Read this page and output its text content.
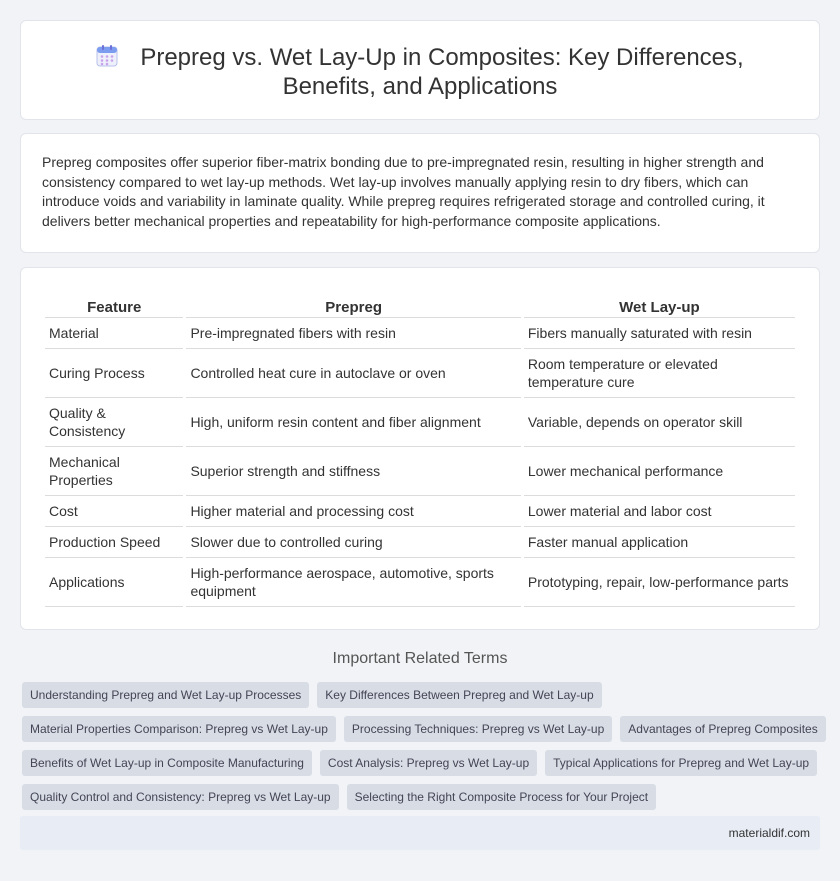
Prepreg vs. Wet Lay-Up in Composites: Key Differences, Benefits, and Applications

Prepreg composites offer superior fiber-matrix bonding due to pre-impregnated resin, resulting in higher strength and consistency compared to wet lay-up methods. Wet lay-up involves manually applying resin to dry fibers, which can introduce voids and variability in laminate quality. While prepreg requires refrigerated storage and controlled curing, it delivers better mechanical properties and repeatability for high-performance composite applications.

Feature	Prepreg	Wet Lay-up
Material	Pre-impregnated fibers with resin	Fibers manually saturated with resin
Curing Process	Controlled heat cure in autoclave or oven	Room temperature or elevated temperature cure
Quality & Consistency	High, uniform resin content and fiber alignment	Variable, depends on operator skill
Mechanical Properties	Superior strength and stiffness	Lower mechanical performance
Cost	Higher material and processing cost	Lower material and labor cost
Production Speed	Slower due to controlled curing	Faster manual application
Applications	High-performance aerospace, automotive, sports equipment	Prototyping, repair, low-performance parts
Important Related Terms
Understanding Prepreg and Wet Lay-up Processes	Key Differences Between Prepreg and Wet Lay-up
Material Properties Comparison: Prepreg vs Wet Lay-up	Processing Techniques: Prepreg vs Wet Lay-up	Advantages of Prepreg Composites
Benefits of Wet Lay-up in Composite Manufacturing	Cost Analysis: Prepreg vs Wet Lay-up	Typical Applications for Prepreg and Wet Lay-up
Quality Control and Consistency: Prepreg vs Wet Lay-up	Selecting the Right Composite Process for Your Project
materialdif.com
